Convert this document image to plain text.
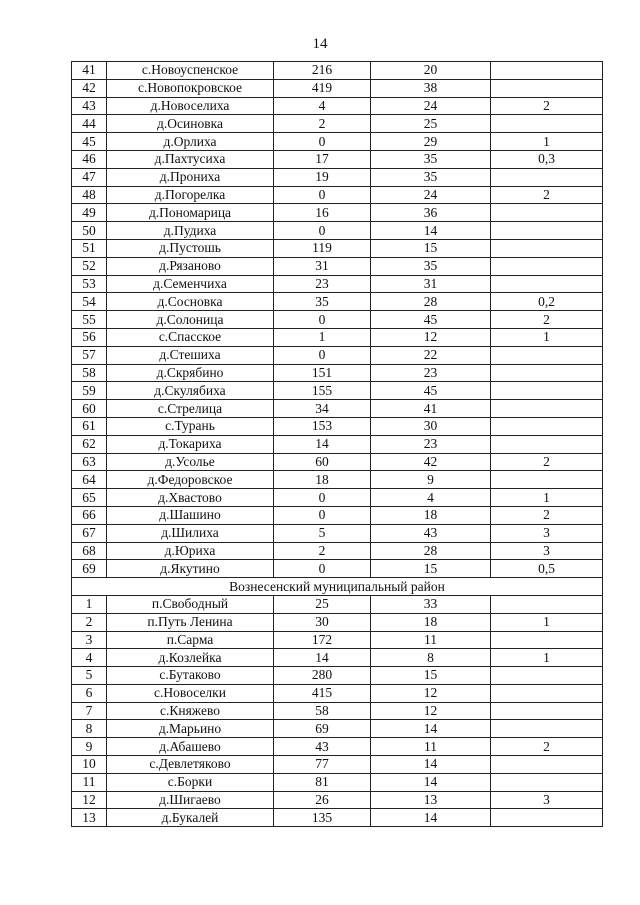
14
41	с.Новоуспенское	216	20	
42	с.Новопокровское	419	38	
43	д.Новоселиха	4	24	2
44	д.Осиновка	2	25	
45	д.Орлиха	0	29	1
46	д.Пахтусиха	17	35	0,3
47	д.Прониха	19	35	
48	д.Погорелка	0	24	2
49	д.Пономарица	16	36	
50	д.Пудиха	0	14	
51	д.Пустошь	119	15	
52	д.Рязаново	31	35	
53	д.Семенчиха	23	31	
54	д.Сосновка	35	28	0,2
55	д.Солоница	0	45	2
56	с.Спасское	1	12	1
57	д.Стешиха	0	22	
58	д.Скрябино	151	23	
59	д.Скулябиха	155	45	
60	с.Стрелица	34	41	
61	с.Турань	153	30	
62	д.Токариха	14	23	
63	д.Усолье	60	42	2
64	д.Федоровское	18	9	
65	д.Хвастово	0	4	1
66	д.Шашино	0	18	2
67	д.Шилиха	5	43	3
68	д.Юриха	2	28	3
69	д.Якутино	0	15	0,5
Вознесенский муниципальный район				
1	п.Свободный	25	33	
2	п.Путь Ленина	30	18	1
3	п.Сарма	172	11	
4	д.Козлейка	14	8	1
5	с.Бутаково	280	15	
6	с.Новоселки	415	12	
7	с.Княжево	58	12	
8	д.Марьино	69	14	
9	д.Абашево	43	11	2
10	с.Девлетяково	77	14	
11	с.Борки	81	14	
12	д.Шигаево	26	13	3
13	д.Букалей	135	14	
